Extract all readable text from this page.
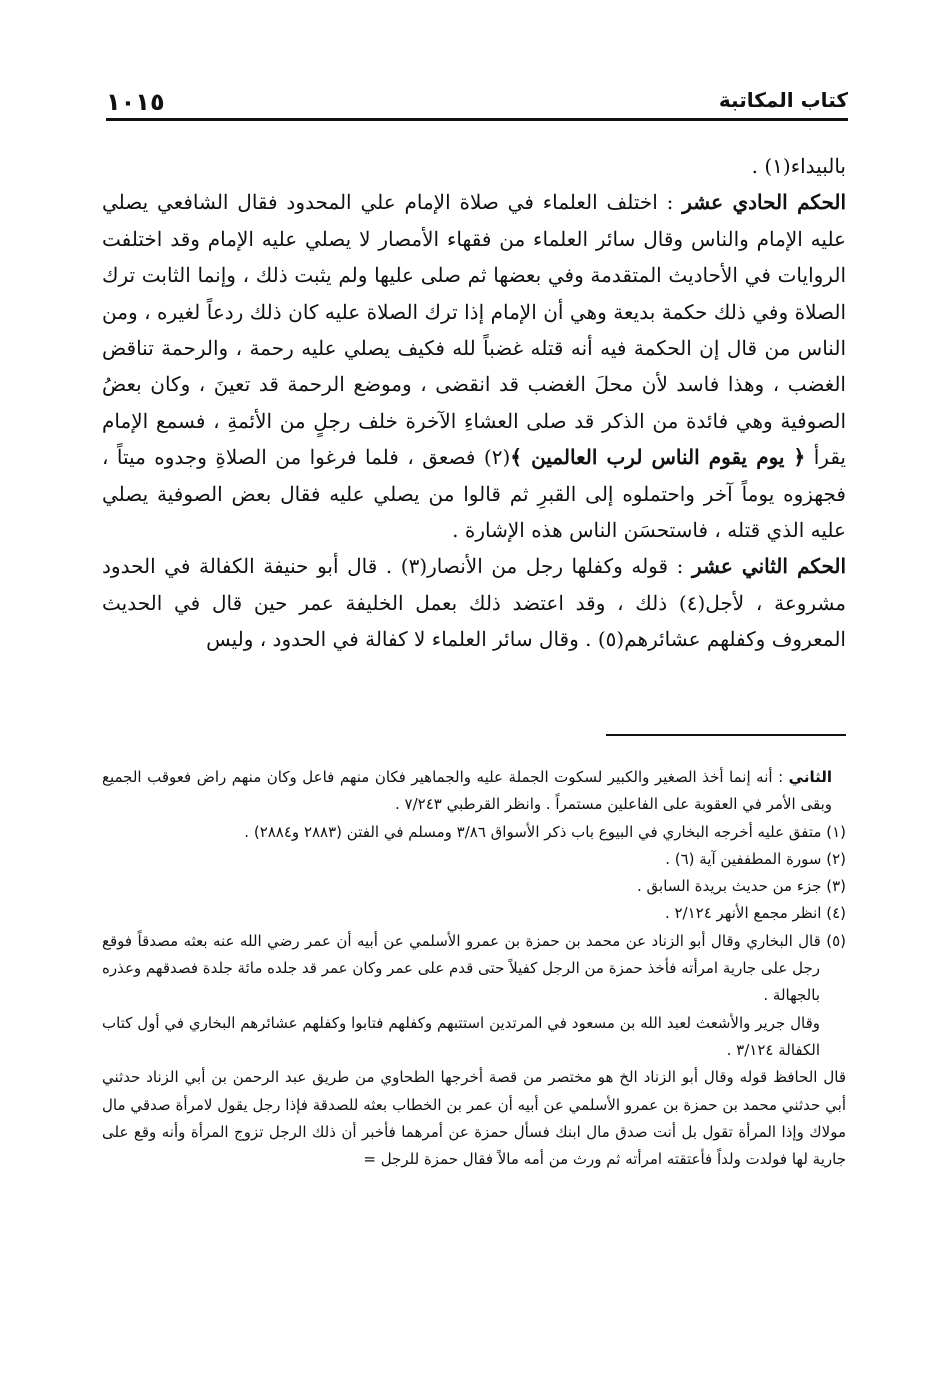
١٠١٥	كتاب المكاتبة

بالبيداء(١) .

الحكم الحادي عشر : اختلف العلماء في صلاة الإمام علي المحدود فقال الشافعي يصلي عليه الإمام والناس وقال سائر العلماء من فقهاء الأمصار لا يصلي عليه الإمام وقد اختلفت الروايات في الأحاديث المتقدمة وفي بعضها ثم صلى عليها ولم يثبت ذلك ، وإنما الثابت ترك الصلاة وفي ذلك حكمة بديعة وهي أن الإمام إذا ترك الصلاة عليه كان ذلك ردعاً لغيره ، ومن الناس من قال إن الحكمة فيه أنه قتله غضباً لله فكيف يصلي عليه رحمة ، والرحمة تناقض الغضب ، وهذا فاسد لأن محلَ الغضب قد انقضى ، وموضع الرحمة قد تعينَ ، وكان بعضُ الصوفية وهي فائدة من الذكر قد صلى العشاءِ الآخرة خلف رجلٍ من الأئمةِ ، فسمع الإمام يقرأ ﴿ يوم يقوم الناس لرب العالمين ﴾(٢) فصعق ، فلما فرغوا من الصلاةِ وجدوه ميتاً ، فجهزوه يوماً آخر واحتملوه إلى القبرِ ثم قالوا من يصلي عليه فقال بعض الصوفية يصلي عليه الذي قتله ، فاستحسَن الناس هذه الإشارة .

الحكم الثاني عشر : قوله وكفلها رجل من الأنصار(٣) . قال أبو حنيفة الكفالة في الحدود مشروعة ، لأجل(٤) ذلك ، وقد اعتضد ذلك بعمل الخليفة عمر حين قال في الحديث المعروف وكفلهم عشائرهم(٥) . وقال سائر العلماء لا كفالة في الحدود ، وليس

الثاني : أنه إنما أخذ الصغير والكبير لسكوت الجملة عليه والجماهير فكان منهم فاعل وكان منهم راض فعوقب الجميع وبقى الأمر في العقوبة على الفاعلين مستمراً . وانظر القرطبي ٧/٢٤٣ .

(١) متفق عليه أخرجه البخاري في البيوع باب ذكر الأسواق ٣/٨٦ ومسلم في الفتن (٢٨٨٣ و٢٨٨٤) .

(٢) سورة المطففين آية (٦) .

(٣) جزء من حديث بريدة السابق .

(٤) انظر مجمع الأنهر ٢/١٢٤ .

(٥) قال البخاري وقال أبو الزناد عن محمد بن حمزة بن عمرو الأسلمي عن أبيه أن عمر رضي الله عنه بعثه مصدقاً فوقع رجل على جارية امرأته فأخذ حمزة من الرجل كفيلاً حتى قدم على عمر وكان عمر قد جلده مائة جلدة فصدقهم وعذره بالجهالة .

وقال جرير والأشعث لعبد الله بن مسعود في المرتدين استتبهم وكفلهم فتابوا وكفلهم عشائرهم البخاري في أول كتاب الكفالة ٣/١٢٤ .

قال الحافظ قوله وقال أبو الزناد الخ هو مختصر من قصة أخرجها الطحاوي من طريق عبد الرحمن بن أبي الزناد حدثني أبي حدثني محمد بن حمزة بن عمرو الأسلمي عن أبيه أن عمر بن الخطاب بعثه للصدقة فإذا رجل يقول لامرأة صدقي مال مولاك وإذا المرأة تقول بل أنت صدق مال ابنك فسأل حمزة عن أمرهما فأخبر أن ذلك الرجل تزوج المرأة وأنه وقع على جارية لها فولدت ولداً فأعتقته امرأته ثم ورث من أمه مالاً فقال حمزة للرجل =
